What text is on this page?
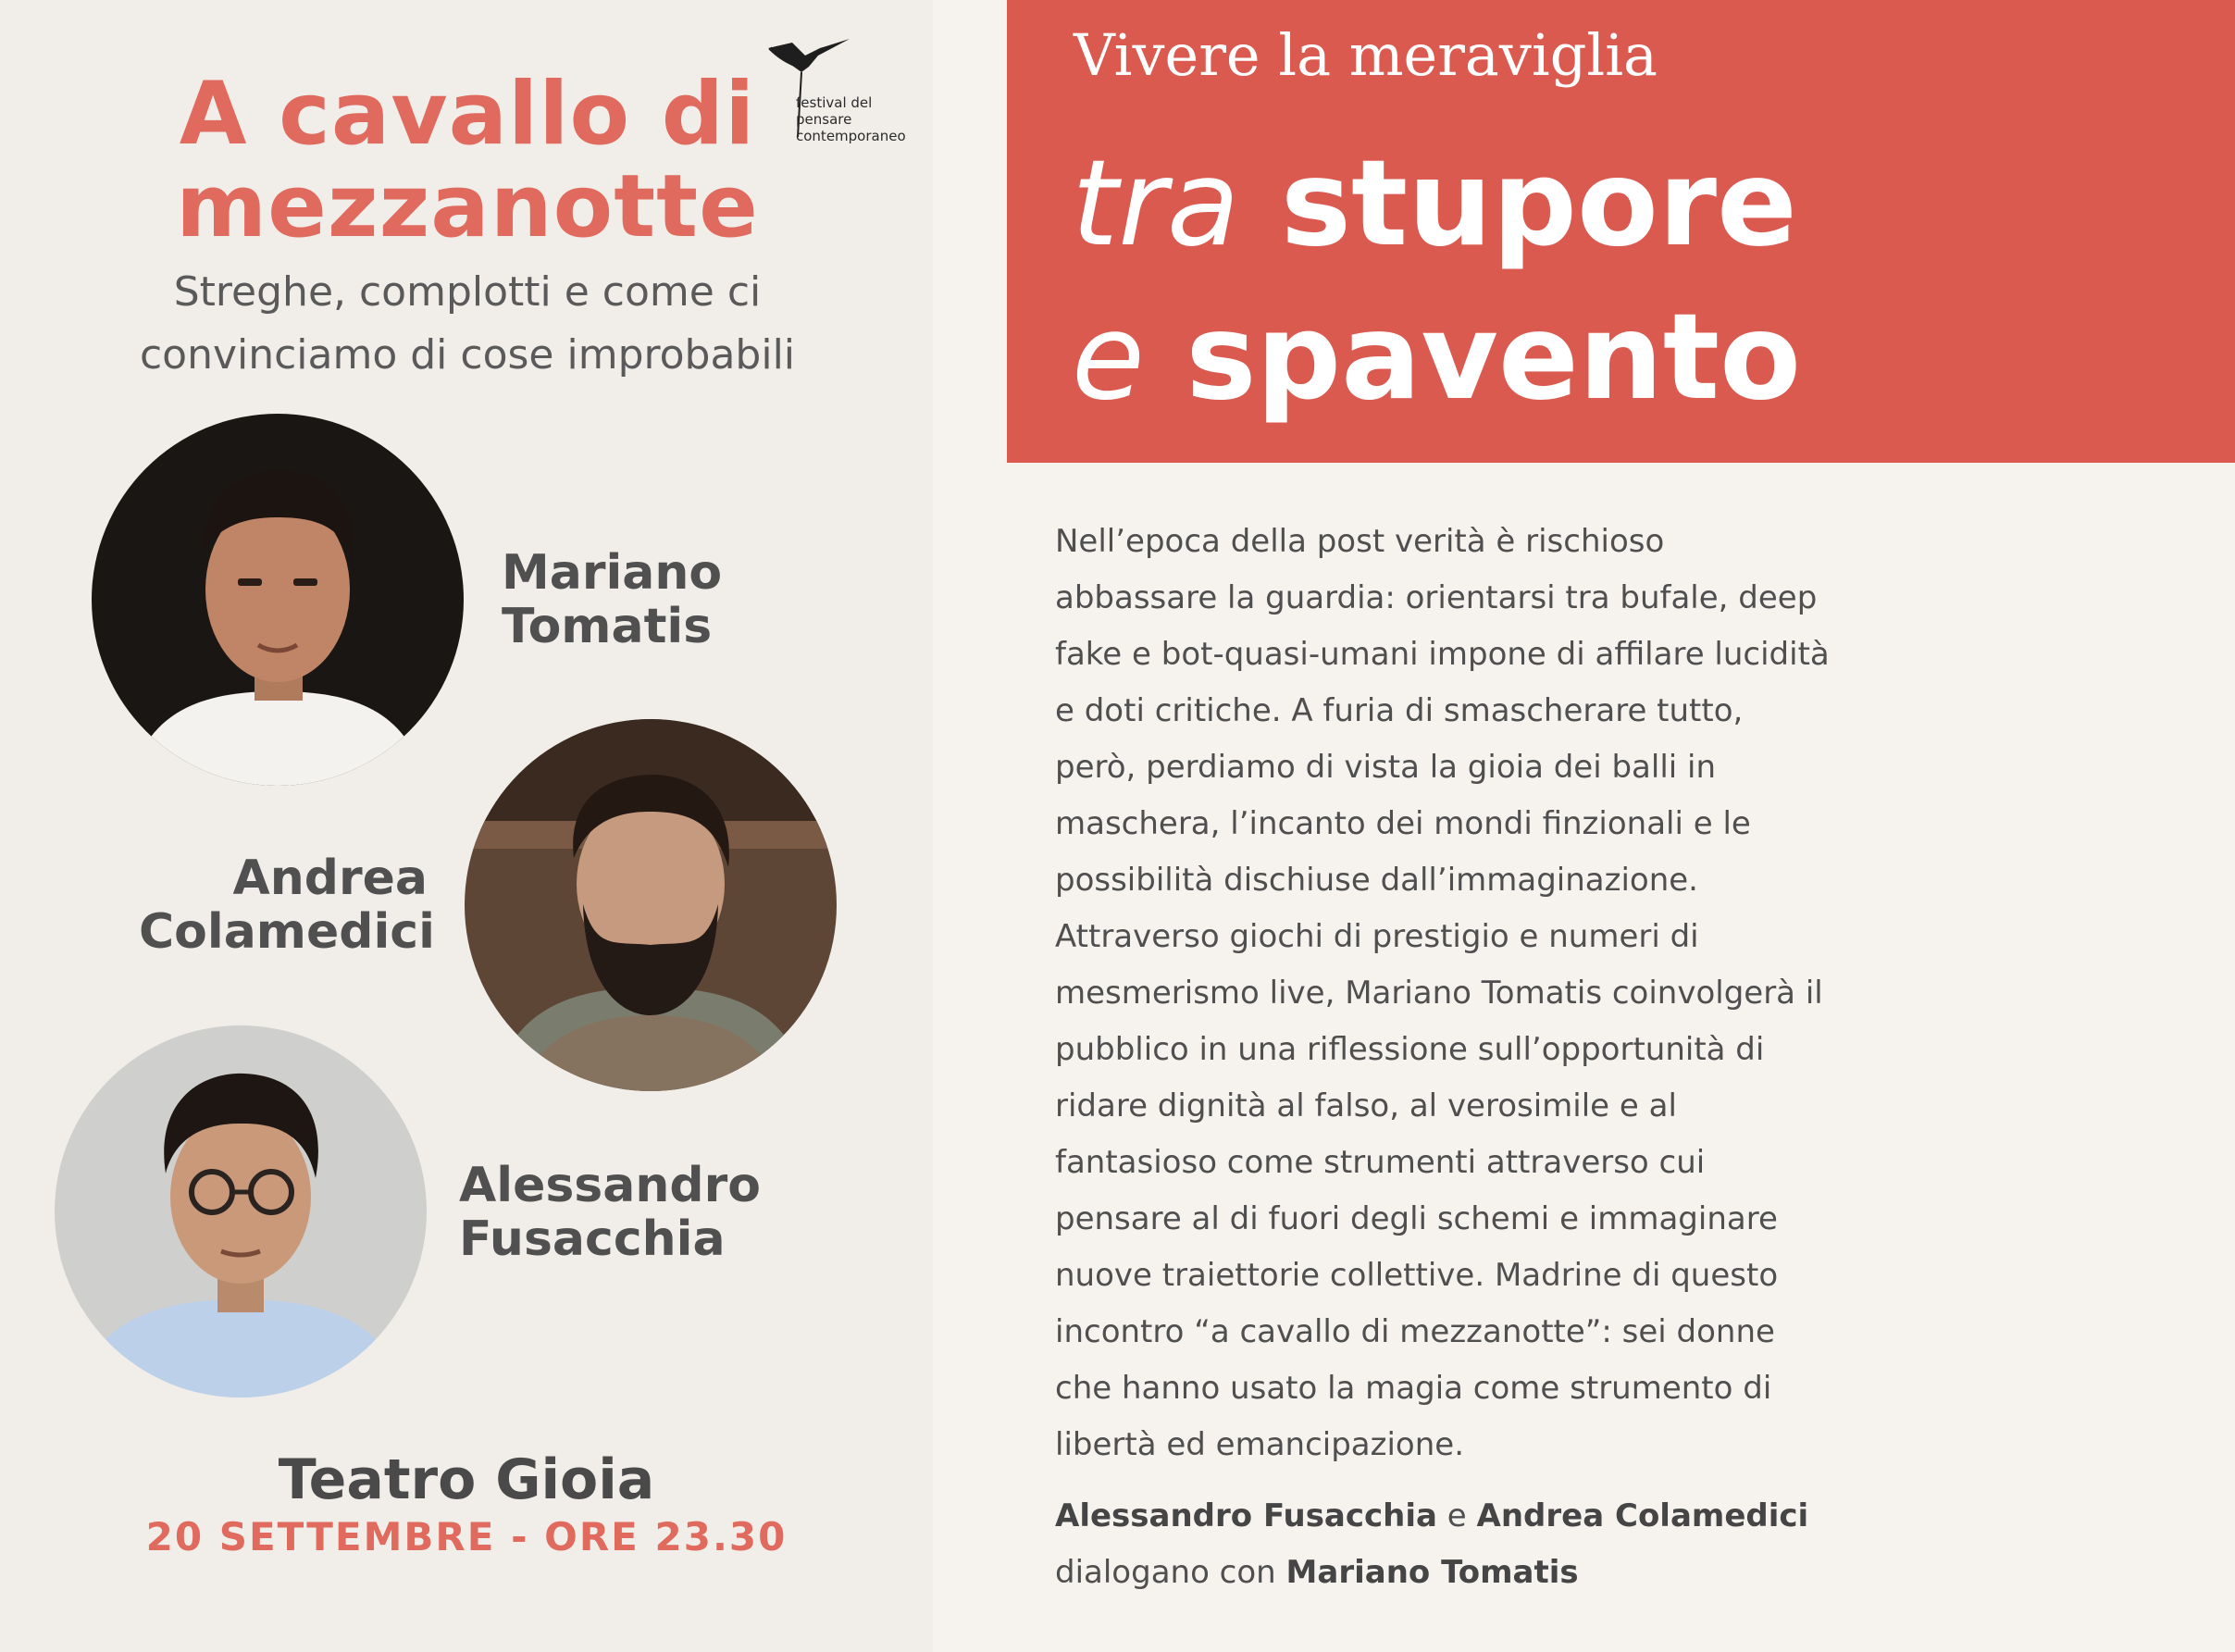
festival del
pensare
contemporaneo
A cavallo di
mezzanotte

Streghe, complotti e come ci
convinciamo di cose improbabili

Mariano
Tomatis

Andrea
Colamedici

Alessandro
Fusacchia

Teatro Gioia

20 SETTEMBRE - ORE 23.30

Vivere la meraviglia

tra stupore
e spavento

Nell’epoca della post verità è rischioso abbassare la guardia: orientarsi tra bufale, deep fake e bot-quasi-umani impone di affilare lucidità e doti critiche. A furia di smascherare tutto, però, perdiamo di vista la gioia dei balli in maschera, l’incanto dei mondi finzionali e le possibilità dischiuse dall’immaginazione. Attraverso giochi di prestigio e numeri di mesmerismo live, Mariano Tomatis coinvolgerà il pubblico in una riflessione sull’opportunità di ridare dignità al falso, al verosimile e al fantasioso come strumenti attraverso cui pensare al di fuori degli schemi e immaginare nuove traiettorie collettive. Madrine di questo incontro “a cavallo di mezzanotte”: sei donne che hanno usato la magia come strumento di libertà ed emancipazione.

Alessandro Fusacchia e Andrea Colamedici
dialogano con Mariano Tomatis
